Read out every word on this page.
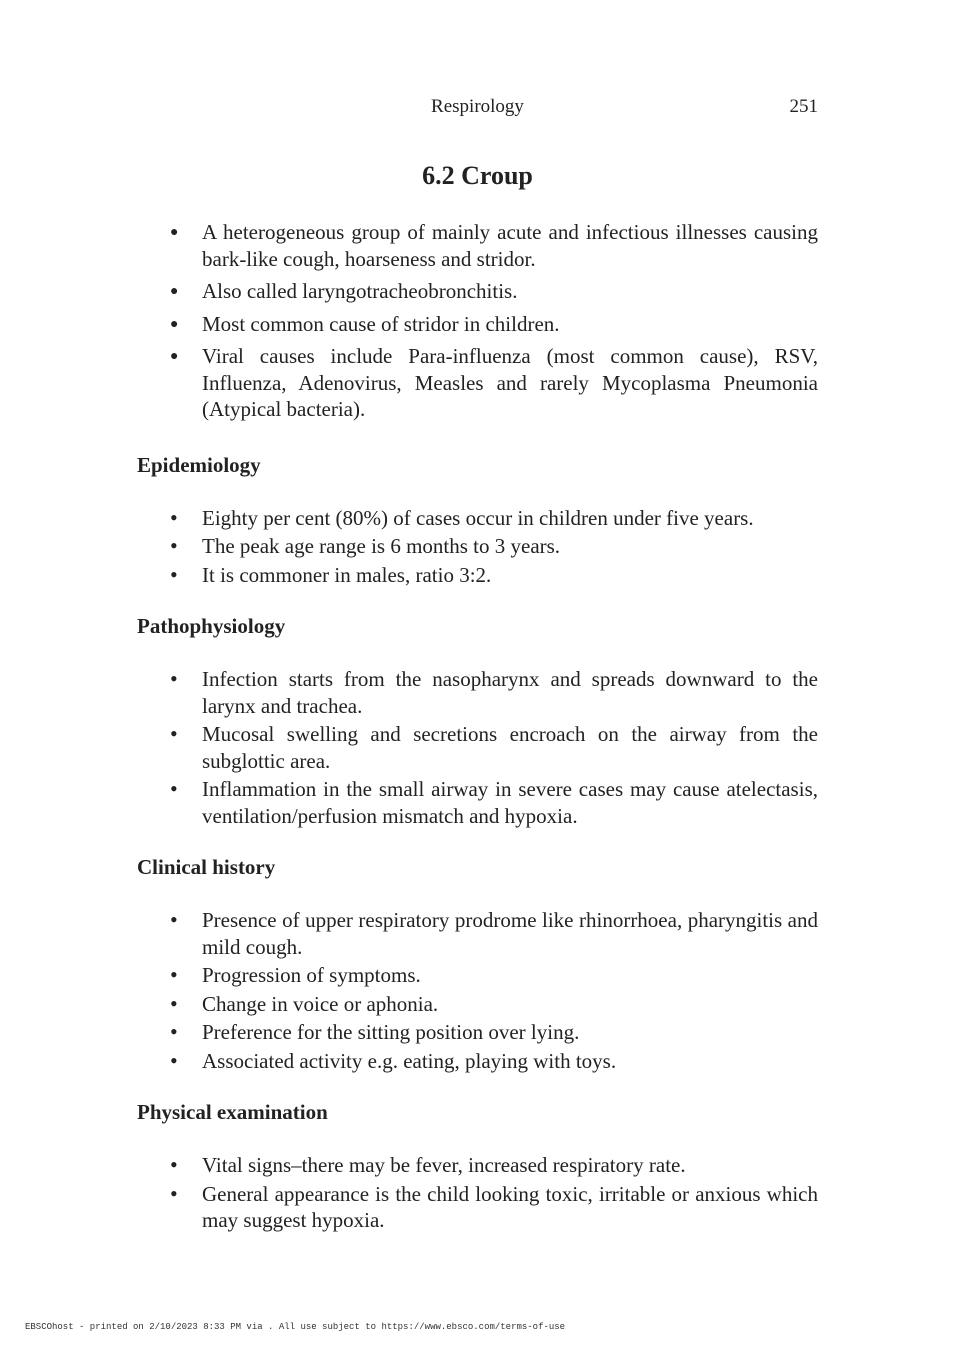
Respirology	251
6.2 Croup
● A heterogeneous group of mainly acute and infectious illnesses causing bark-like cough, hoarseness and stridor.
● Also called laryngotracheobronchitis.
● Most common cause of stridor in children.
● Viral causes include Para-influenza (most common cause), RSV, Influenza, Adenovirus, Measles and rarely Mycoplasma Pneumonia (Atypical bacteria).
Epidemiology
• Eighty per cent (80%) of cases occur in children under five years.
• The peak age range is 6 months to 3 years.
• It is commoner in males, ratio 3:2.
Pathophysiology
• Infection starts from the nasopharynx and spreads downward to the larynx and trachea.
• Mucosal swelling and secretions encroach on the airway from the subglottic area.
• Inflammation in the small airway in severe cases may cause atelectasis, ventilation/perfusion mismatch and hypoxia.
Clinical history
• Presence of upper respiratory prodrome like rhinorrhoea, pharyngitis and mild cough.
• Progression of symptoms.
• Change in voice or aphonia.
• Preference for the sitting position over lying.
• Associated activity e.g. eating, playing with toys.
Physical examination
• Vital signs–there may be fever, increased respiratory rate.
• General appearance is the child looking toxic, irritable or anxious which may suggest hypoxia.
EBSCOhost - printed on 2/10/2023 8:33 PM via . All use subject to https://www.ebsco.com/terms-of-use
